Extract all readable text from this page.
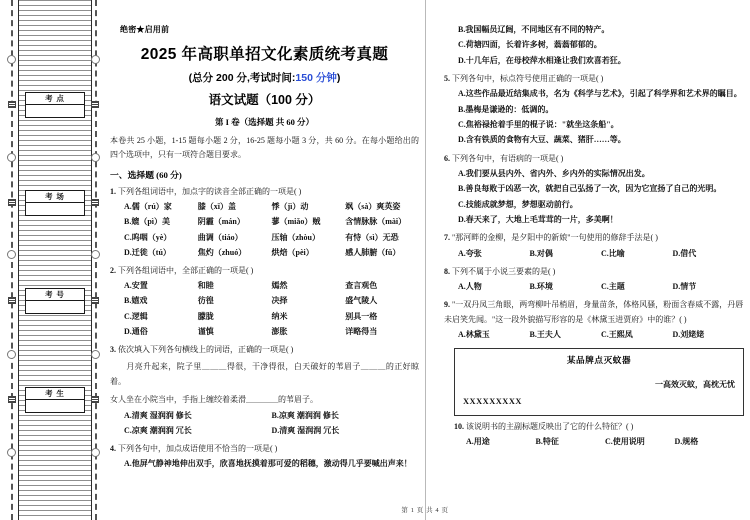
考 点
考 场
考 号
考 生
绝密★启用前
2025 年高职单招文化素质统考真题
(总分 200 分,考试时间:150 分钟)
语文试题（100 分）
第 I 卷（选择题 共 60 分）
本卷共 25 小题，1-15 题每小题 2 分，16-25 题每小题 3 分，共 60 分。在每小题给出的四个选项中，只有一项符合题目要求。
一、选择题 (60 分)
1. 下列各组词语中，加点字的读音全部正确的一项是( )
A.儒（rú）家	膝（xī）盖	悸（jì）动	飒（sà）爽英姿
B.媲（pì）美	阴霾（mán）	蓼（miǎo）贼	含情脉脉（mài）
C.呜咽（yè）	曲调（tiáo）	压轴（zhòu）	有恃（sì）无恐
D.迁徙（tú）	焦灼（zhuó）	烘焙（pèi）	感人肺腑（fǔ）
2. 下列各组词语中，全部正确的一项是( )
A.安置	和睦	嫣然	查言观色
B.嬉戏	彷徨	决择	盛气陵人
C.逻辑	朦胧	纳米	别具一格
D.通俗	谨慎	澎胀	详略得当
3. 依次填入下列各句横线上的词语，正确的一项是( )
月亮升起来，院子里＿＿＿得很，干净得很，白天破好的苇眉子＿＿＿的正好晾着。
女人坐在小院当中，手指上缠绞着柔滑＿＿＿＿的苇眉子。
A.清爽 湿润润 修长	B.凉爽 潮润润 修长
C.凉爽 潮润润 冗长	D.清爽 湿润润 冗长
4. 下列各句中，加点成语使用不恰当的一项是( )
A.他屏气静神地伸出双手，欣喜地抚摸着那可爱的稻穗，激动得几乎要喊出声来！
B.我国幅员辽阔，不同地区有不同的特产。
C.荷塘四面，长着许多树，蓊蓊郁郁的。
D.十几年后，在母校萍水相逢让我们欢喜若狂。
5. 下列各句中，标点符号使用正确的一项是( )
A.这些作品最近结集成书，名为《科学与艺术》，引起了科学界和艺术界的瞩目。
B.墨梅是谦逊的：低调的。
C.焦裕禄抢着手里的棍子说："就坐这条船"。
D.含有铁质的食物有大豆、蔬菜、猪肝……等。
6. 下列各句中，有语病的一项是( )
A.我们要从县内外、省内外、乡内外的实际情况出发。
B.善良每败于凶恶一次，就把自己弘扬了一次，因为它宣扬了自己的光明。
C.技能成就梦想，梦想驱动前行。
D.春天来了，大地上毛茸茸的一片，多美啊！
7. "那河畔的金柳，是夕阳中的新娘"一句使用的修辞手法是( )
A.夸张	B.对偶	C.比喻	D.借代
8. 下列不属于小说三要素的是( )
A.人物	B.环境	C.主题	D.情节
9. "一双丹凤三角眼，两弯柳叶吊梢眉，身量苗条，体格风骚，粉面含春威不露，丹唇
未启笑先闻。"这一段外貌描写形容的是《林黛玉进贾府》中的谁？( )
A.林黛玉	B.王夫人	C.王熙凤	D.刘姥姥
某品牌点灭蚊器
一高效灭蚊，高枕无忧
XXXXXXXXX
10. 该说明书的主副标题反映出了它的什么特征？( )
A.用途	B.特征	C.使用说明	D.规格
第 1 页 共 4 页
